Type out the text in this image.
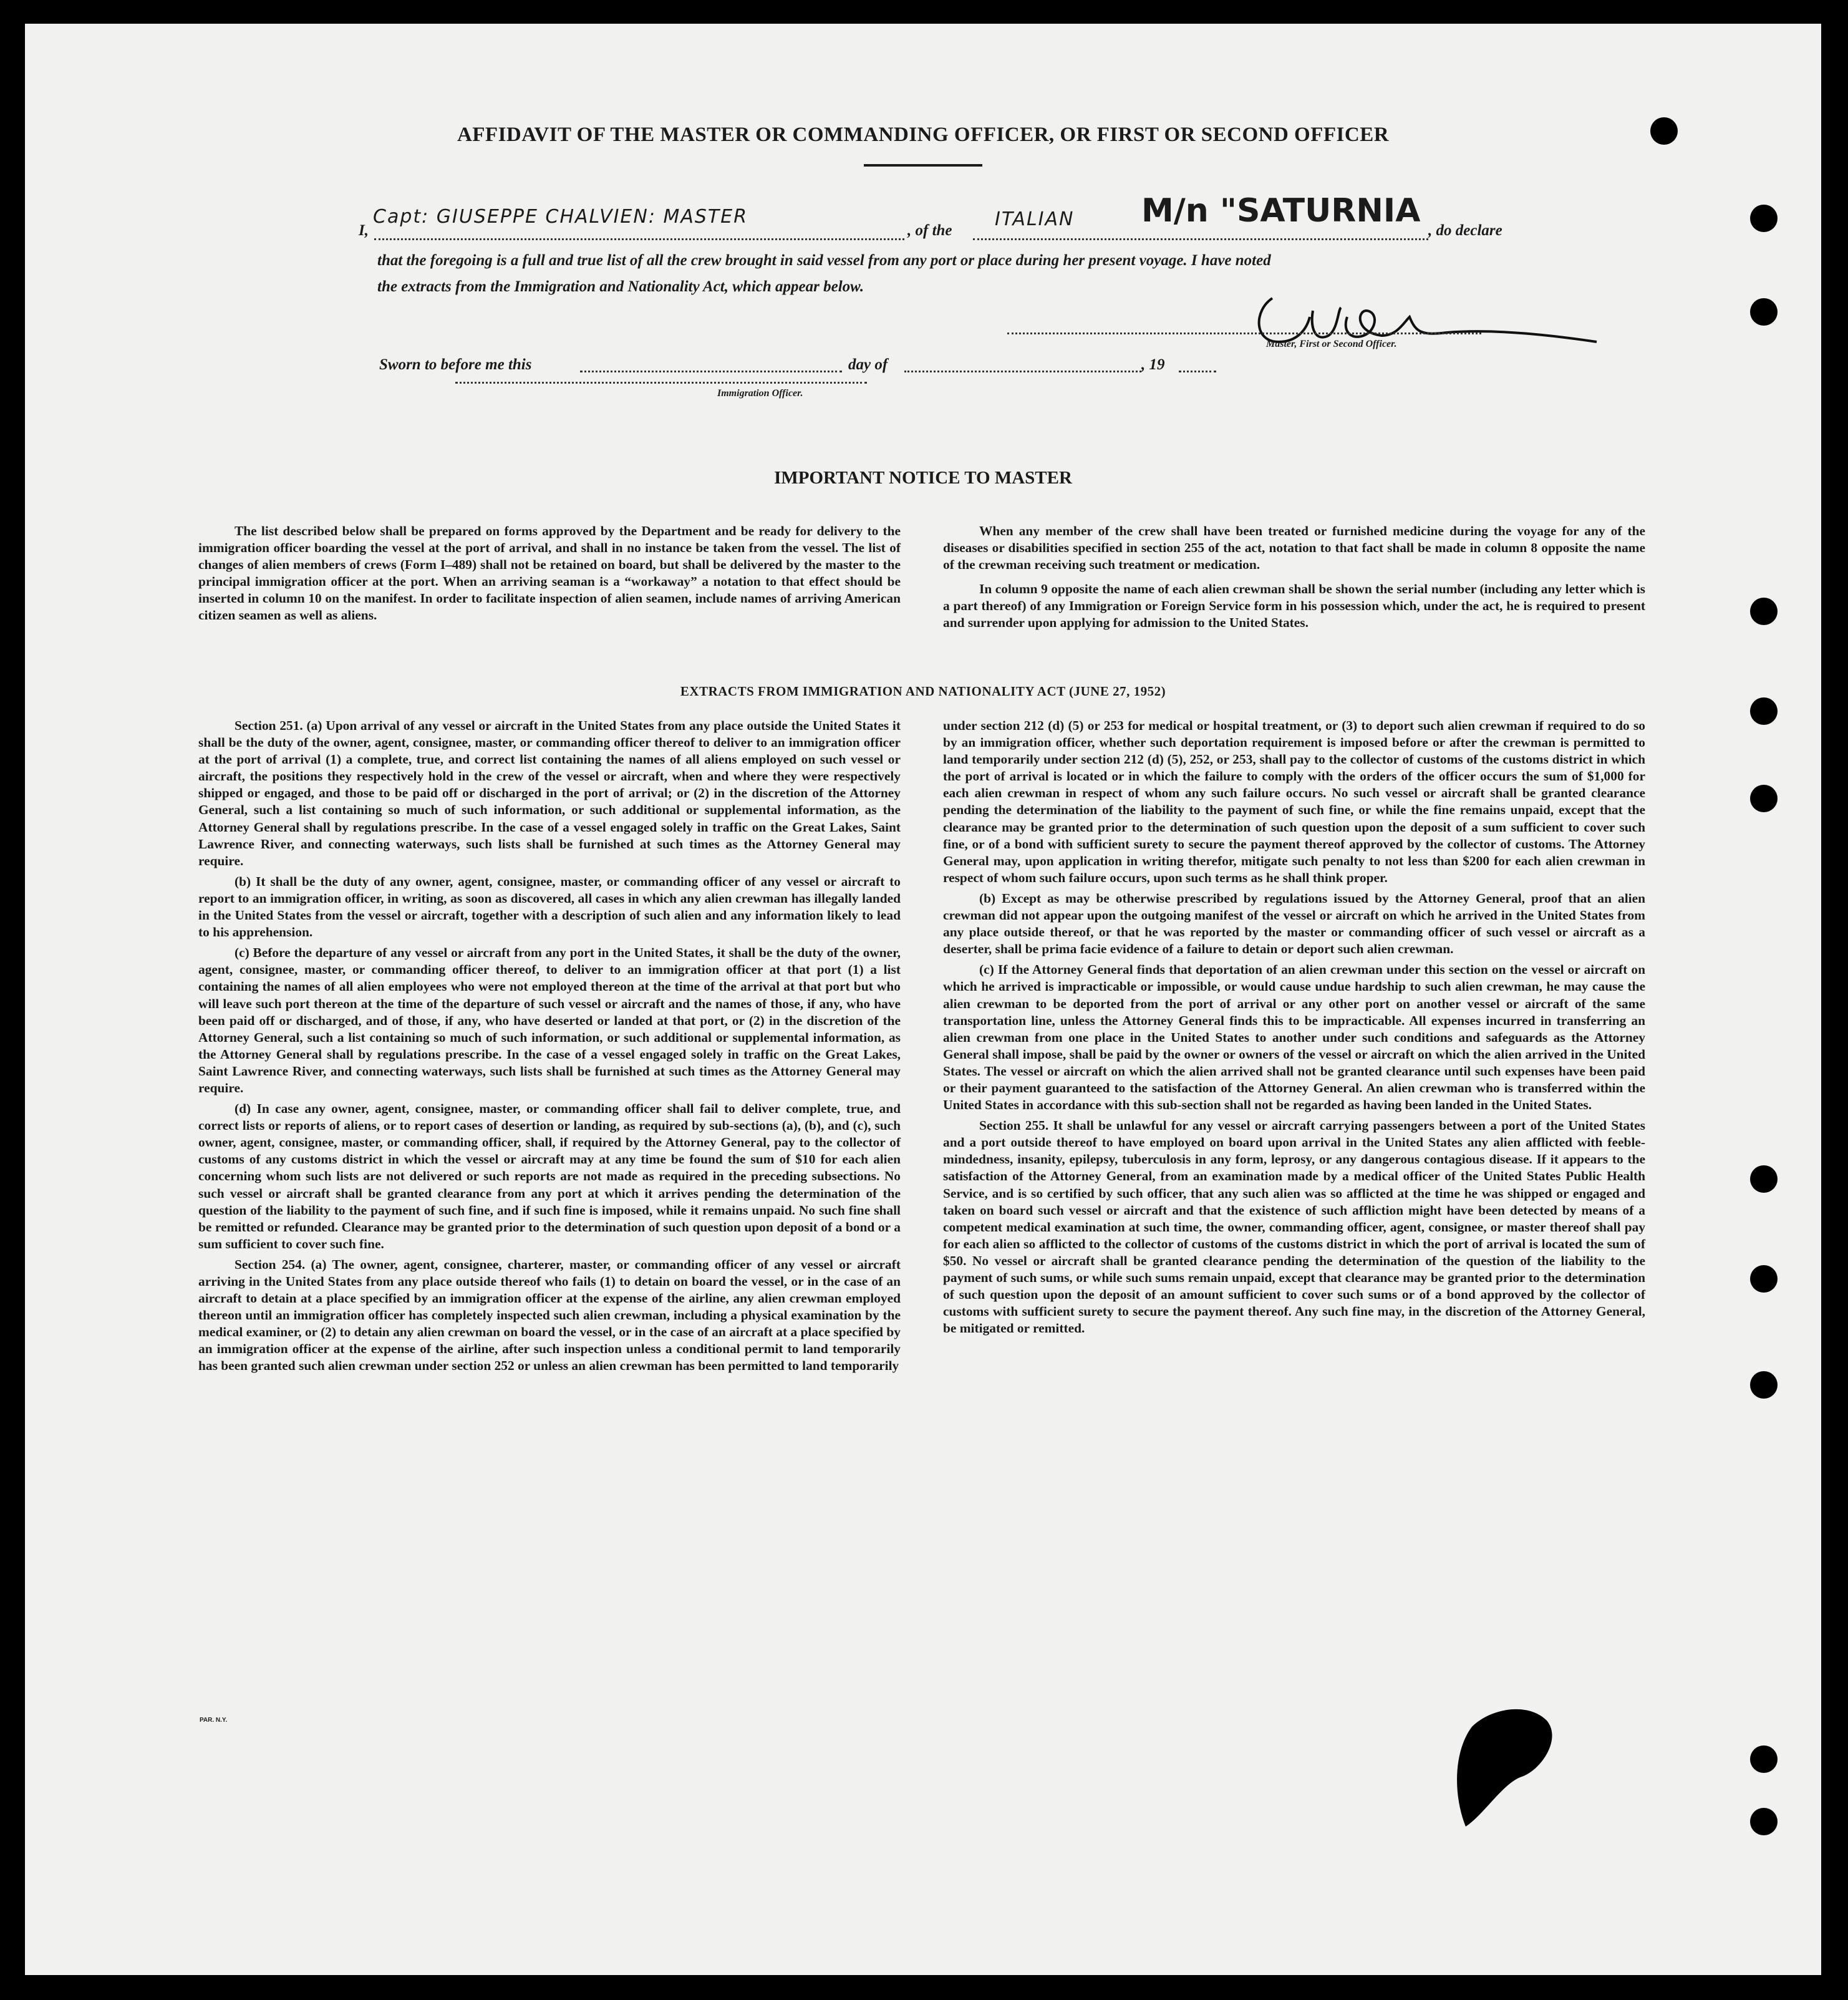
AFFIDAVIT OF THE MASTER OR COMMANDING OFFICER, OR FIRST OR SECOND OFFICER
I,
Capt: GIUSEPPE CHALVIEN: MASTER
, of the
ITALIAN M/n "SATURNIA
, do declare
that the foregoing is a full and true list of all the crew brought in said vessel from any port or place during her present voyage. I have noted
the extracts from the Immigration and Nationality Act, which appear below.
Master, First or Second Officer.
Sworn to before me this	day of	, 19
Immigration Officer.
IMPORTANT NOTICE TO MASTER

The list described below shall be prepared on forms approved by the Department and be ready for delivery to the immigration officer boarding the vessel at the port of arrival, and shall in no instance be taken from the vessel. The list of changes of alien members of crews (Form I–489) shall not be retained on board, but shall be delivered by the master to the principal immigration officer at the port. When an arriving seaman is a “workaway” a notation to that effect should be inserted in column 10 on the manifest. In order to facilitate inspection of alien seamen, include names of arriving American citizen seamen as well as aliens.

When any member of the crew shall have been treated or furnished medicine during the voyage for any of the diseases or disabilities specified in section 255 of the act, notation to that fact shall be made in column 8 opposite the name of the crewman receiving such treatment or medication.

In column 9 opposite the name of each alien crewman shall be shown the serial number (including any letter which is a part thereof) of any Immigration or Foreign Service form in his possession which, under the act, he is required to present and surrender upon applying for admission to the United States.

EXTRACTS FROM IMMIGRATION AND NATIONALITY ACT (JUNE 27, 1952)

Section 251. (a) Upon arrival of any vessel or aircraft in the United States from any place outside the United States it shall be the duty of the owner, agent, consignee, master, or commanding officer thereof to deliver to an immigration officer at the port of arrival (1) a complete, true, and correct list containing the names of all aliens employed on such vessel or aircraft, the positions they respectively hold in the crew of the vessel or aircraft, when and where they were respectively shipped or engaged, and those to be paid off or discharged in the port of arrival; or (2) in the discretion of the Attorney General, such a list containing so much of such information, or such additional or supplemental information, as the Attorney General shall by regulations prescribe. In the case of a vessel engaged solely in traffic on the Great Lakes, Saint Lawrence River, and connecting waterways, such lists shall be furnished at such times as the Attorney General may require.

(b) It shall be the duty of any owner, agent, consignee, master, or commanding officer of any vessel or aircraft to report to an immigration officer, in writing, as soon as discovered, all cases in which any alien crewman has illegally landed in the United States from the vessel or aircraft, together with a description of such alien and any information likely to lead to his apprehension.

(c) Before the departure of any vessel or aircraft from any port in the United States, it shall be the duty of the owner, agent, consignee, master, or commanding officer thereof, to deliver to an immigration officer at that port (1) a list containing the names of all alien employees who were not employed thereon at the time of the arrival at that port but who will leave such port thereon at the time of the departure of such vessel or aircraft and the names of those, if any, who have been paid off or discharged, and of those, if any, who have deserted or landed at that port, or (2) in the discretion of the Attorney General, such a list containing so much of such information, or such additional or supplemental information, as the Attorney General shall by regulations prescribe. In the case of a vessel engaged solely in traffic on the Great Lakes, Saint Lawrence River, and connecting waterways, such lists shall be furnished at such times as the Attorney General may require.

(d) In case any owner, agent, consignee, master, or commanding officer shall fail to deliver complete, true, and correct lists or reports of aliens, or to report cases of desertion or landing, as required by sub-sections (a), (b), and (c), such owner, agent, consignee, master, or commanding officer, shall, if required by the Attorney General, pay to the collector of customs of any customs district in which the vessel or aircraft may at any time be found the sum of $10 for each alien concerning whom such lists are not delivered or such reports are not made as required in the preceding subsections. No such vessel or aircraft shall be granted clearance from any port at which it arrives pending the determination of the question of the liability to the payment of such fine, and if such fine is imposed, while it remains unpaid. No such fine shall be remitted or refunded. Clearance may be granted prior to the determination of such question upon deposit of a bond or a sum sufficient to cover such fine.

Section 254. (a) The owner, agent, consignee, charterer, master, or commanding officer of any vessel or aircraft arriving in the United States from any place outside thereof who fails (1) to detain on board the vessel, or in the case of an aircraft to detain at a place specified by an immigration officer at the expense of the airline, any alien crewman employed thereon until an immigration officer has completely inspected such alien crewman, including a physical examination by the medical examiner, or (2) to detain any alien crewman on board the vessel, or in the case of an aircraft at a place specified by an immigration officer at the expense of the airline, after such inspection unless a conditional permit to land temporarily has been granted such alien crewman under section 252 or unless an alien crewman has been permitted to land temporarily

under section 212 (d) (5) or 253 for medical or hospital treatment, or (3) to deport such alien crewman if required to do so by an immigration officer, whether such deportation requirement is imposed before or after the crewman is permitted to land temporarily under section 212 (d) (5), 252, or 253, shall pay to the collector of customs of the customs district in which the port of arrival is located or in which the failure to comply with the orders of the officer occurs the sum of $1,000 for each alien crewman in respect of whom any such failure occurs. No such vessel or aircraft shall be granted clearance pending the determination of the liability to the payment of such fine, or while the fine remains unpaid, except that the clearance may be granted prior to the determination of such question upon the deposit of a sum sufficient to cover such fine, or of a bond with sufficient surety to secure the payment thereof approved by the collector of customs. The Attorney General may, upon application in writing therefor, mitigate such penalty to not less than $200 for each alien crewman in respect of whom such failure occurs, upon such terms as he shall think proper.

(b) Except as may be otherwise prescribed by regulations issued by the Attorney General, proof that an alien crewman did not appear upon the outgoing manifest of the vessel or aircraft on which he arrived in the United States from any place outside thereof, or that he was reported by the master or commanding officer of such vessel or aircraft as a deserter, shall be prima facie evidence of a failure to detain or deport such alien crewman.

(c) If the Attorney General finds that deportation of an alien crewman under this section on the vessel or aircraft on which he arrived is impracticable or impossible, or would cause undue hardship to such alien crewman, he may cause the alien crewman to be deported from the port of arrival or any other port on another vessel or aircraft of the same transportation line, unless the Attorney General finds this to be impracticable. All expenses incurred in transferring an alien crewman from one place in the United States to another under such conditions and safeguards as the Attorney General shall impose, shall be paid by the owner or owners of the vessel or aircraft on which the alien arrived in the United States. The vessel or aircraft on which the alien arrived shall not be granted clearance until such expenses have been paid or their payment guaranteed to the satisfaction of the Attorney General. An alien crewman who is transferred within the United States in accordance with this sub-section shall not be regarded as having been landed in the United States.

Section 255. It shall be unlawful for any vessel or aircraft carrying passengers between a port of the United States and a port outside thereof to have employed on board upon arrival in the United States any alien afflicted with feeble-mindedness, insanity, epilepsy, tuberculosis in any form, leprosy, or any dangerous contagious disease. If it appears to the satisfaction of the Attorney General, from an examination made by a medical officer of the United States Public Health Service, and is so certified by such officer, that any such alien was so afflicted at the time he was shipped or engaged and taken on board such vessel or aircraft and that the existence of such affliction might have been detected by means of a competent medical examination at such time, the owner, commanding officer, agent, consignee, or master thereof shall pay for each alien so afflicted to the collector of customs of the customs district in which the port of arrival is located the sum of $50. No vessel or aircraft shall be granted clearance pending the determination of the question of the liability to the payment of such sums, or while such sums remain unpaid, except that clearance may be granted prior to the determination of such question upon the deposit of an amount sufficient to cover such sums or of a bond approved by the collector of customs with sufficient surety to secure the payment thereof. Any such fine may, in the discretion of the Attorney General, be mitigated or remitted.

PAR. N.Y.
